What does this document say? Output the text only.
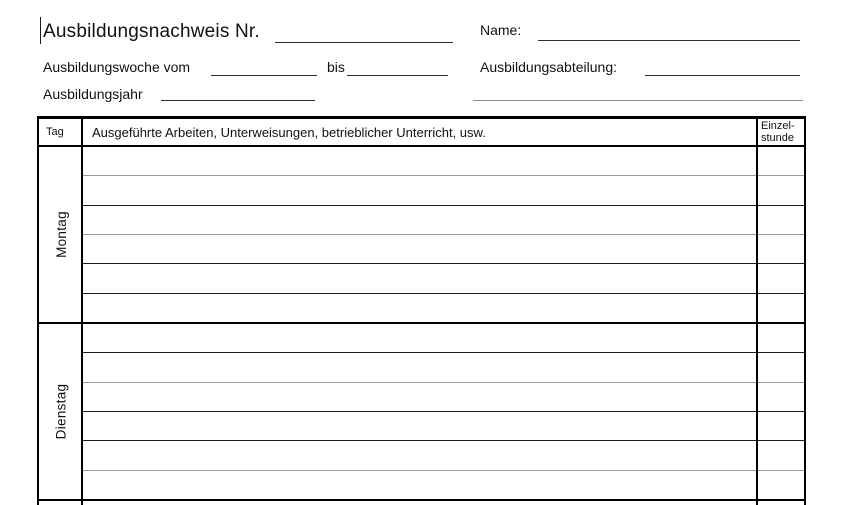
Ausbildungsnachweis Nr.	Name:
Ausbildungswoche vom	bis	Ausbildungsabteilung:
Ausbildungsjahr
Tag	Ausgeführte Arbeiten, Unterweisungen, betrieblicher Unterricht, usw.	Einzel-
stunde
Montag
Dienstag
